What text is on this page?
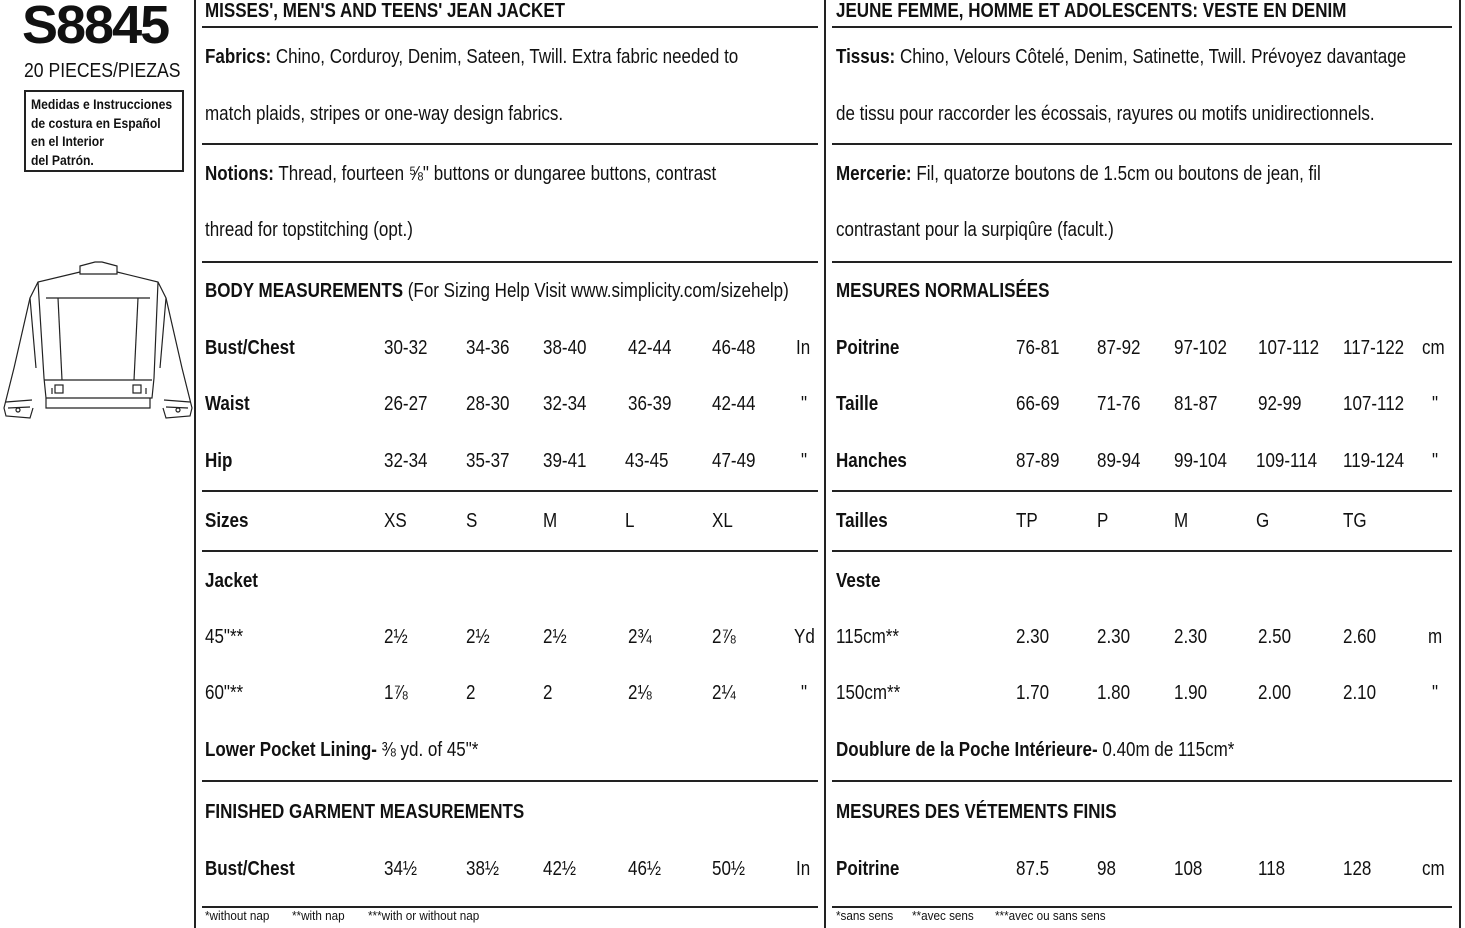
S8845
20 PIECES/PIEZAS
Medidas e Instrucciones
de costura en Español
en el Interior
del Patrón.
MISSES', MEN'S AND TEENS' JEAN JACKET
Fabrics: Chino, Corduroy, Denim, Sateen, Twill. Extra fabric needed to
match plaids, stripes or one-way design fabrics.
Notions: Thread, fourteen ⅝" buttons or dungaree buttons, contrast
thread for topstitching (opt.)
BODY MEASUREMENTS (For Sizing Help Visit www.simplicity.com/sizehelp)
Bust/Chest	30-32 34-36 38-40 42-44 46-48 In
Waist	26-27 28-30 32-34 36-39 42-44 "
Hip	32-34 35-37 39-41 43-45 47-49 "
Sizes	XS	S	M	L	XL
Jacket
45"**	2½	2½	2½	2¾	2⅞	Yd
60"**	1⅞	2	2	2⅛	2¼	"
Lower Pocket Lining- ⅜ yd. of 45"*
FINISHED GARMENT MEASUREMENTS
Bust/Chest	34½ 38½ 42½	46½	50½	In
*without nap **with nap ***with or without nap
JEUNE FEMME, HOMME ET ADOLESCENTS: VESTE EN DENIM
Tissus: Chino, Velours Côtelé, Denim, Satinette, Twill. Prévoyez davantage
de tissu pour raccorder les écossais, rayures ou motifs unidirectionnels.
Mercerie: Fil, quatorze boutons de 1.5cm ou boutons de jean, fil
contrastant pour la surpiqûre (facult.)
MESURES NORMALISÉES
Poitrine	76-81 87-92 97-102 107-112 117-122 cm
Taille	66-69 71-76 81-87 92-99 107-112 "
Hanches	87-89 89-94 99-104 109-114 119-124 "
Tailles	TP	P	M	G	TG
Veste
115cm**	2.30 2.30 2.30	2.50	2.60	m
150cm**	1.70 1.80 1.90	2.00	2.10	"
Doublure de la Poche Intérieure- 0.40m de 115cm*
MESURES DES VÉTEMENTS FINIS
Poitrine	87.5 98	108	118	128	cm
*sans sens **avec sens ***avec ou sans sens
